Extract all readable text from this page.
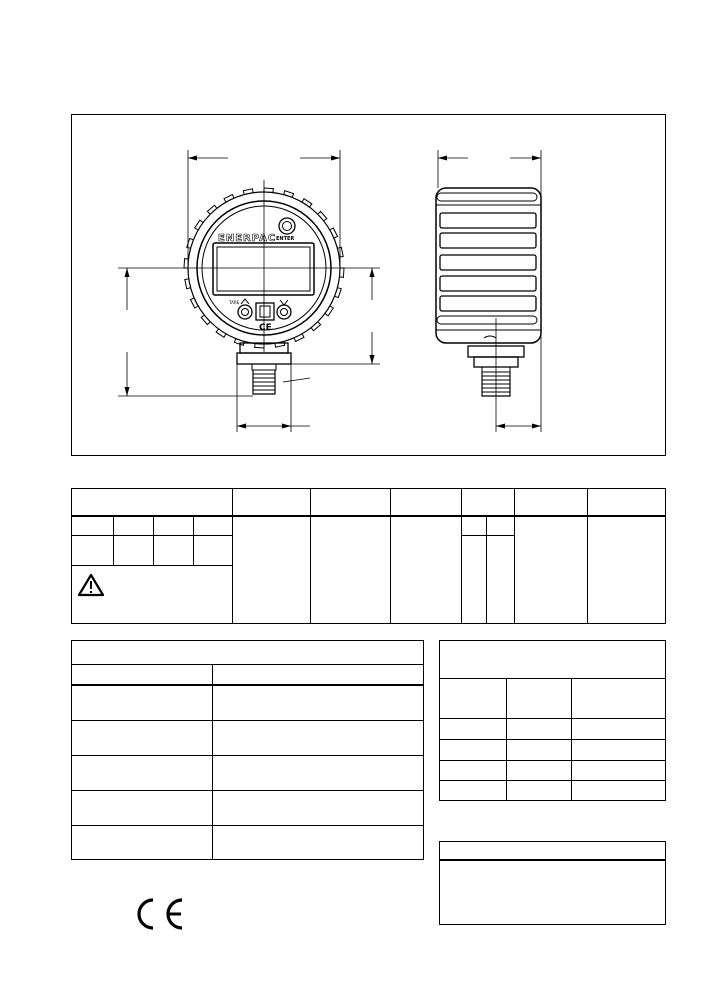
ENERPAC ENTER
TARE
CE
